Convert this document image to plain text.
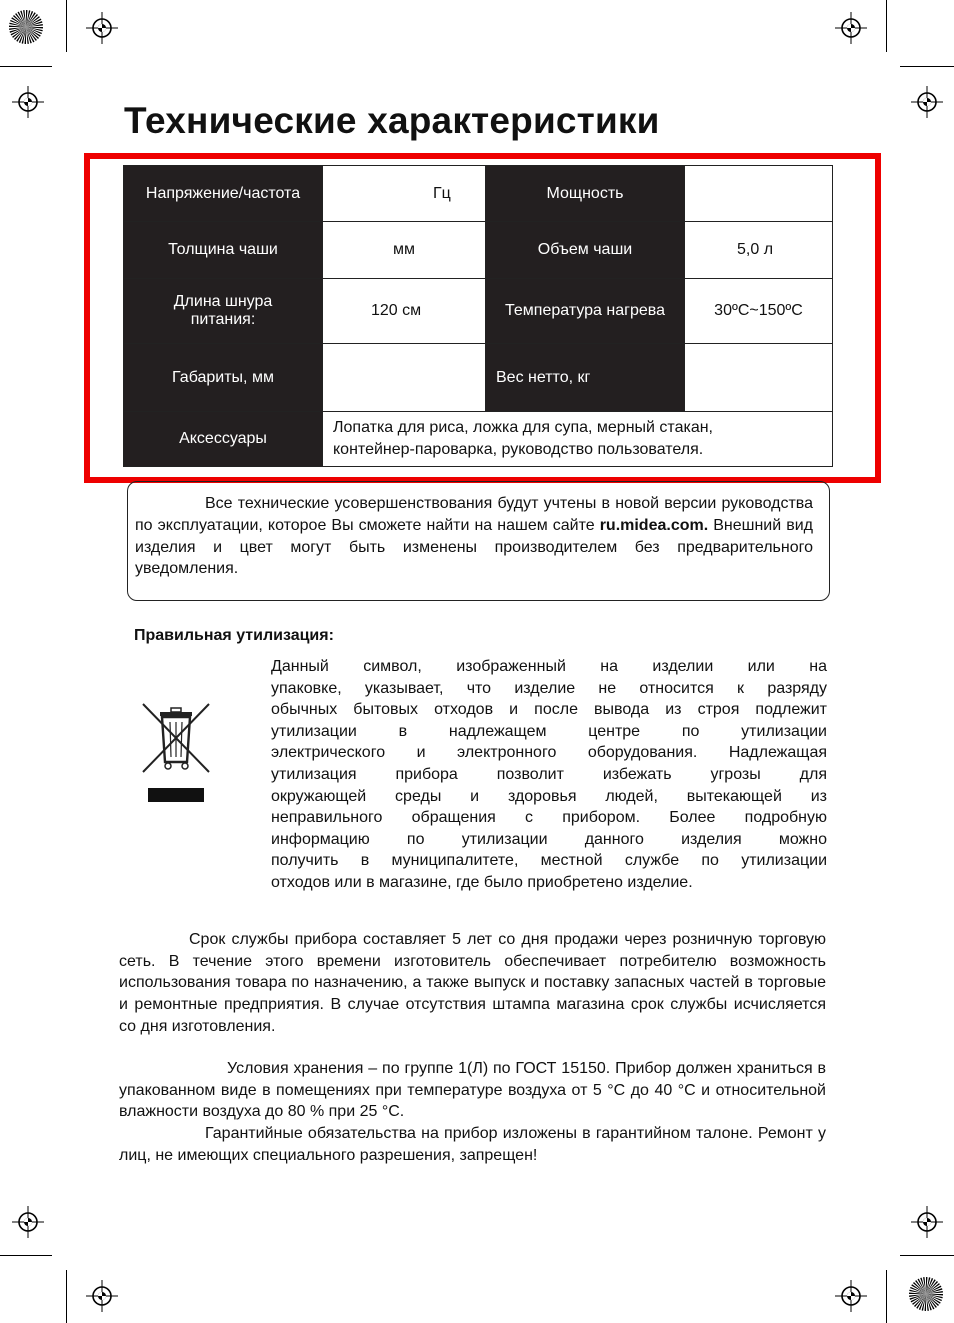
Технические характеристики
Напряжение/частота	Гц	Мощность	
Толщина чаши	мм	Объем чаши	5,0 л
Длина шнура питания:	120 см	Температура нагрева	30ºC~150ºC
Габариты, мм		Вес нетто, кг	
Аксессуары	Лопатка для риса, ложка для супа, мерный стакан,
контейнер-пароварка, руководство пользователя.		
Все технические усовершенствования будут учтены в новой версии руководства по эксплуатации, которое Вы сможете найти на нашем сайте ru.midea.com. Внешний вид изделия и цвет могут быть изменены производителем без предварительного уведомления.
Правильная утилизация:
Данный символ, изображенный на изделии или на
упаковке, указывает, что изделие не относится к разряду
обычных бытовых отходов и после вывода из строя подлежит
утилизации в надлежащем центре по утилизации
электрического и электронного оборудования. Надлежащая
утилизация прибора позволит избежать угрозы для
окружающей среды и здоровья людей, вытекающей из
неправильного обращения с прибором. Более подробную
информацию по утилизации данного изделия можно
получить в муниципалитете, местной службе по утилизации
отходов или в магазине, где было приобретено изделие.
Срок службы прибора составляет 5 лет со дня продажи через розничную торговую сеть. В течение этого времени изготовитель обеспечивает потребителю возможность использования товара по назначению, а также выпуск и поставку запасных частей в торговые и ремонтные предприятия. В случае отсутствия штампа магазина срок службы исчисляется со дня изготовления.
Условия хранения – по группе 1(Л) по ГОСТ 15150. Прибор должен храниться в упакованном виде в помещениях при температуре воздуха от 5 °С до 40 °С и относительной влажности воздуха до 80 % при 25 °С.
Гарантийные обязательства на прибор изложены в гарантийном талоне. Ремонт у лиц, не имеющих специального разрешения, запрещен!
